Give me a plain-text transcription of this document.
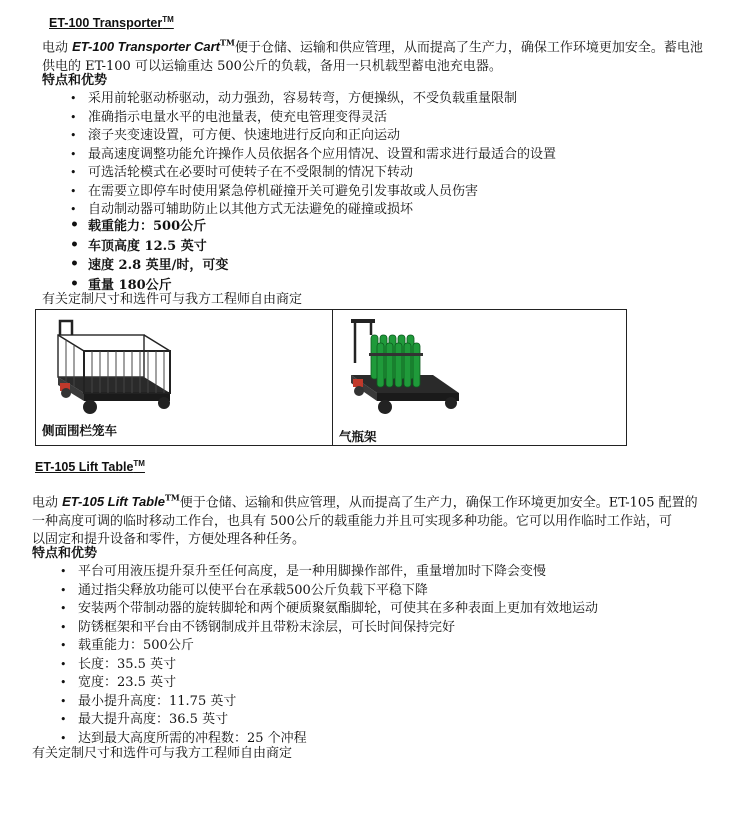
ET-100 Transporter™
电动 ET-100 Transporter Cart™便于仓储、运输和供应管理，从而提高了生产力，确保工作环境更加安全。蓄电池
供电的 ET-100 可以运输重达 500公斤的负载，备用一只机载型蓄电池充电器。
特点和优势
• 采用前轮驱动桥驱动，动力强劲，容易转弯，方便操纵，不受负载重量限制
• 准确指示电量水平的电池量表，使充电管理变得灵活
• 滚子夹变速设置，可方便、快速地进行反向和正向运动
• 最高速度调整功能允许操作人员依据各个应用情况、设置和需求进行最适合的设置
• 可选活轮模式在必要时可使转子在不受限制的情况下转动
• 在需要立即停车时使用紧急停机碰撞开关可避免引发事故或人员伤害
• 自动制动器可辅助防止以其他方式无法避免的碰撞或损坏
• 载重能力：500公斤
• 车顶高度 12.5 英寸
• 速度 2.8 英里/时，可变
• 重量 180公斤
有关定制尺寸和选件可与我方工程师自由商定
侧面围栏笼车	气瓶架
ET-105 Lift Table™
电动 ET-105 Lift Table™便于仓储、运输和供应管理，从而提高了生产力，确保工作环境更加安全。ET-105 配置的
一种高度可调的临时移动工作台，也具有 500公斤的载重能力并且可实现多种功能。它可以用作临时工作站，可
以固定和提升设备和零件，方便处理各种任务。
特点和优势
• 平台可用液压提升泵升至任何高度，是一种用脚操作部件，重量增加时下降会变慢
• 通过指尖释放功能可以使平台在承载500公斤负载下平稳下降
• 安装两个带制动器的旋转脚轮和两个硬质聚氨酯脚轮，可使其在多种表面上更加有效地运动
• 防锈框架和平台由不锈钢制成并且带粉末涂层，可长时间保持完好
• 载重能力：500公斤
• 长度：35.5 英寸
• 宽度：23.5 英寸
• 最小提升高度：11.75 英寸
• 最大提升高度：36.5 英寸
• 达到最大高度所需的冲程数：25 个冲程
有关定制尺寸和选件可与我方工程师自由商定
